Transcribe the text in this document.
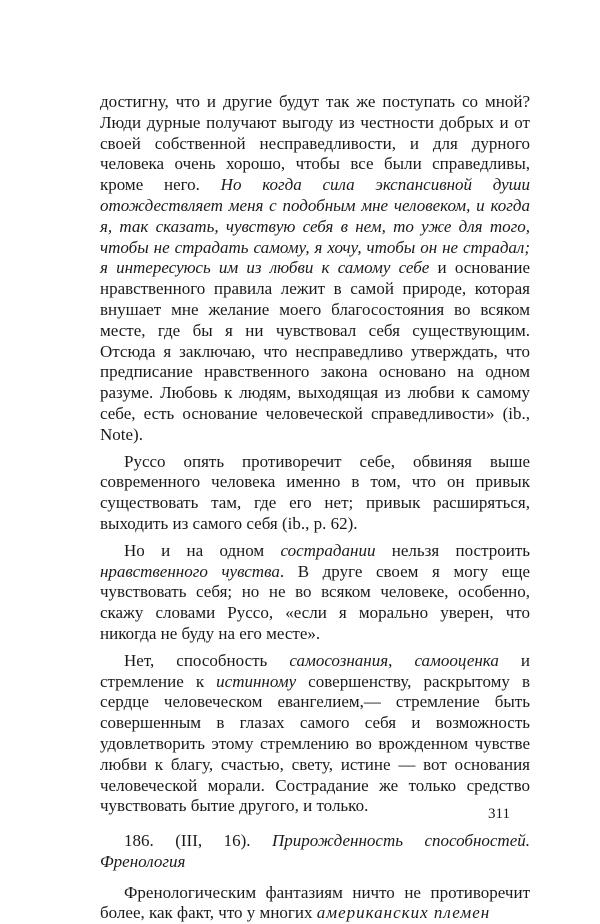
достигну, что и другие будут так же поступать со мной? Люди дурные получают выгоду из честности добрых и от своей собственной несправедливости, и для дурного человека очень хорошо, чтобы все были справедливы, кроме него. Но когда сила экспансивной души отождествляет меня с подобным мне человеком, и когда я, так сказать, чувствую себя в нем, то уже для того, чтобы не страдать самому, я хочу, чтобы он не страдал; я интересуюсь им из любви к самому себе и основание нравственного правила лежит в самой природе, которая внушает мне желание моего благосостояния во всяком месте, где бы я ни чувствовал себя существующим. Отсюда я заключаю, что несправедливо утверждать, что предписание нравственного закона основано на одном разуме. Любовь к людям, выходящая из любви к самому себе, есть основание человеческой справедливости» (ib., Note).

Руссо опять противоречит себе, обвиняя выше современного человека именно в том, что он привык существовать там, где его нет; привык расширяться, выходить из самого себя (ib., p. 62).

Но и на одном сострадании нельзя построить нравственного чувства. В друге своем я могу еще чувствовать себя; но не во всяком человеке, особенно, скажу словами Руссо, «если я морально уверен, что никогда не буду на его месте».

Нет, способность самосознания, самооценка и стремление к истинному совершенству, раскрытому в сердце человеческом евангелием,— стремление быть совершенным в глазах самого себя и возможность удовлетворить этому стремлению во врожденном чувстве любви к благу, счастью, свету, истине — вот основания человеческой морали. Сострадание же только средство чувствовать бытие другого, и только.

186. (III, 16). Прирожденность способностей. Френология

Френологическим фантазиям ничто не противоречит более, как факт, что у многих американских племен

311
